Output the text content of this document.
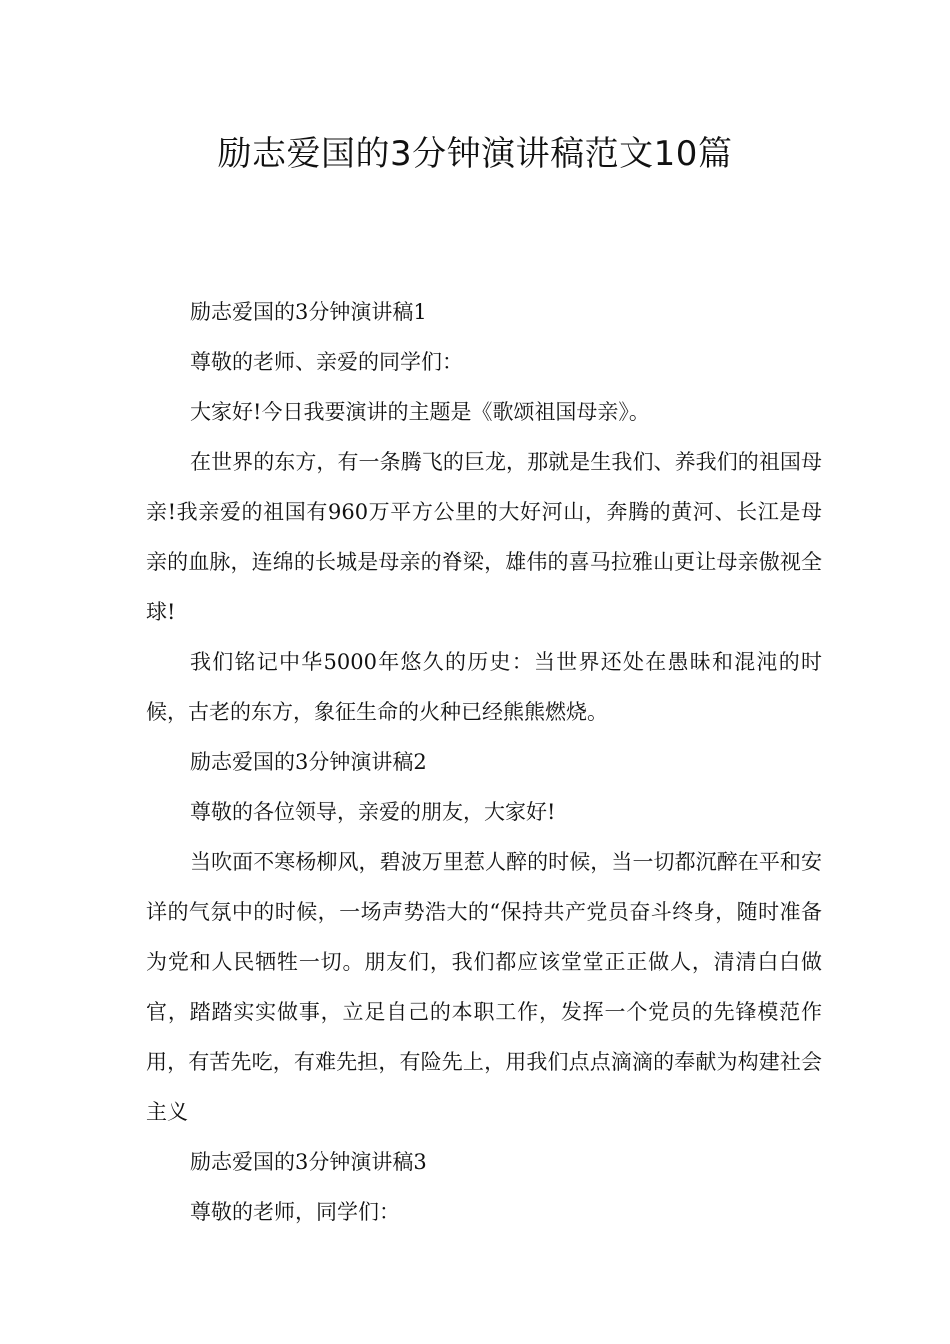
励志爱国的3分钟演讲稿范文10篇

励志爱国的3分钟演讲稿1

尊敬的老师、亲爱的同学们：

大家好!今日我要演讲的主题是《歌颂祖国母亲》。

在世界的东方，有一条腾飞的巨龙，那就是生我们、养我们的祖国母亲!我亲爱的祖国有960万平方公里的大好河山，奔腾的黄河、长江是母亲的血脉，连绵的长城是母亲的脊梁，雄伟的喜马拉雅山更让母亲傲视全球!

我们铭记中华5000年悠久的历史：当世界还处在愚昧和混沌的时候，古老的东方，象征生命的火种已经熊熊燃烧。

励志爱国的3分钟演讲稿2

尊敬的各位领导，亲爱的朋友，大家好!

当吹面不寒杨柳风，碧波万里惹人醉的时候，当一切都沉醉在平和安详的气氛中的时候，一场声势浩大的“保持共产党员奋斗终身，随时准备为党和人民牺牲一切。朋友们，我们都应该堂堂正正做人，清清白白做官，踏踏实实做事，立足自己的本职工作，发挥一个党员的先锋模范作用，有苦先吃，有难先担，有险先上，用我们点点滴滴的奉献为构建社会主义

励志爱国的3分钟演讲稿3

尊敬的老师，同学们：
